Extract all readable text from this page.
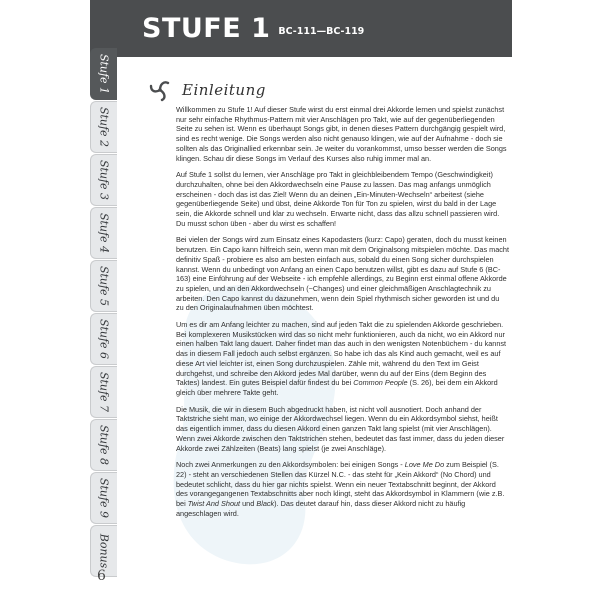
STUFE 1 BC-111—BC-119
Stufe 1
Stufe 2
Stufe 3
Stufe 4
Stufe 5
Stufe 6
Stufe 7
Stufe 8
Stufe 9
Bonus
Einleitung

Willkommen zu Stufe 1! Auf dieser Stufe wirst du erst einmal drei Akkorde lernen und spielst zunächst nur sehr einfache Rhythmus-Pattern mit vier Anschlägen pro Takt, wie auf der gegenüberliegenden Seite zu sehen ist. Wenn es überhaupt Songs gibt, in denen dieses Pattern durchgängig gespielt wird, sind es recht wenige. Die Songs werden also nicht genauso klingen, wie auf der Aufnahme - doch sie sollten als das Originallied erkennbar sein. Je weiter du vorankommst, umso besser werden die Songs klingen. Schau dir diese Songs im Verlauf des Kurses also ruhig immer mal an.

Auf Stufe 1 sollst du lernen, vier Anschläge pro Takt in gleichbleibendem Tempo (Geschwindigkeit) durchzuhalten, ohne bei den Akkordwechseln eine Pause zu lassen. Das mag anfangs unmöglich erscheinen - doch das ist das Ziel! Wenn du an deinen „Ein-Minuten-Wechseln“ arbeitest (siehe gegenüberliegende Seite) und übst, deine Akkorde Ton für Ton zu spielen, wirst du bald in der Lage sein, die Akkorde schnell und klar zu wechseln. Erwarte nicht, dass das allzu schnell passieren wird. Du musst schon üben - aber du wirst es schaffen!

Bei vielen der Songs wird zum Einsatz eines Kapodasters (kurz: Capo) geraten, doch du musst keinen benutzen. Ein Capo kann hilfreich sein, wenn man mit dem Originalsong mitspielen möchte. Das macht definitiv Spaß - probiere es also am besten einfach aus, sobald du einen Song sicher durchspielen kannst. Wenn du unbedingt von Anfang an einen Capo benutzen willst, gibt es dazu auf Stufe 6 (BC-163) eine Einführung auf der Webseite - ich empfehle allerdings, zu Beginn erst einmal offene Akkorde zu spielen, und an den Akkordwechseln (~Changes) und einer gleichmäßigen Anschlagtechnik zu arbeiten. Den Capo kannst du dazunehmen, wenn dein Spiel rhythmisch sicher geworden ist und du zu den Originalaufnahmen üben möchtest.

Um es dir am Anfang leichter zu machen, sind auf jeden Takt die zu spielenden Akkorde geschrieben. Bei komplexeren Musikstücken wird das so nicht mehr funktionieren, auch da nicht, wo ein Akkord nur einen halben Takt lang dauert. Daher findet man das auch in den wenigsten Notenbüchern - du kannst das in diesem Fall jedoch auch selbst ergänzen. So habe ich das als Kind auch gemacht, weil es auf diese Art viel leichter ist, einen Song durchzuspielen. Zähle mit, während du den Text im Geist durchgehst, und schreibe den Akkord jedes Mal darüber, wenn du auf der Eins (dem Beginn des Taktes) landest. Ein gutes Beispiel dafür findest du bei Common People (S. 26), bei dem ein Akkord gleich über mehrere Takte geht.

Die Musik, die wir in diesem Buch abgedruckt haben, ist nicht voll ausnotiert. Doch anhand der Taktstriche sieht man, wo einige der Akkordwechsel liegen. Wenn du ein Akkordsymbol siehst, heißt das eigentlich immer, dass du diesen Akkord einen ganzen Takt lang spielst (mit vier Anschlägen). Wenn zwei Akkorde zwischen den Taktstrichen stehen, bedeutet das fast immer, dass du jeden dieser Akkorde zwei Zählzeiten (Beats) lang spielst (je zwei Anschläge).

Noch zwei Anmerkungen zu den Akkordsymbolen: bei einigen Songs - Love Me Do zum Beispiel (S. 22) - steht an verschiedenen Stellen das Kürzel N.C. - das steht für „Kein Akkord“ (No Chord) und bedeutet schlicht, dass du hier gar nichts spielst. Wenn ein neuer Textabschnitt beginnt, der Akkord des vorangegangenen Textabschnitts aber noch klingt, steht das Akkordsymbol in Klammern (wie z.B. bei Twist And Shout und Black). Das deutet darauf hin, dass dieser Akkord nicht zu häufig angeschlagen wird.

6
